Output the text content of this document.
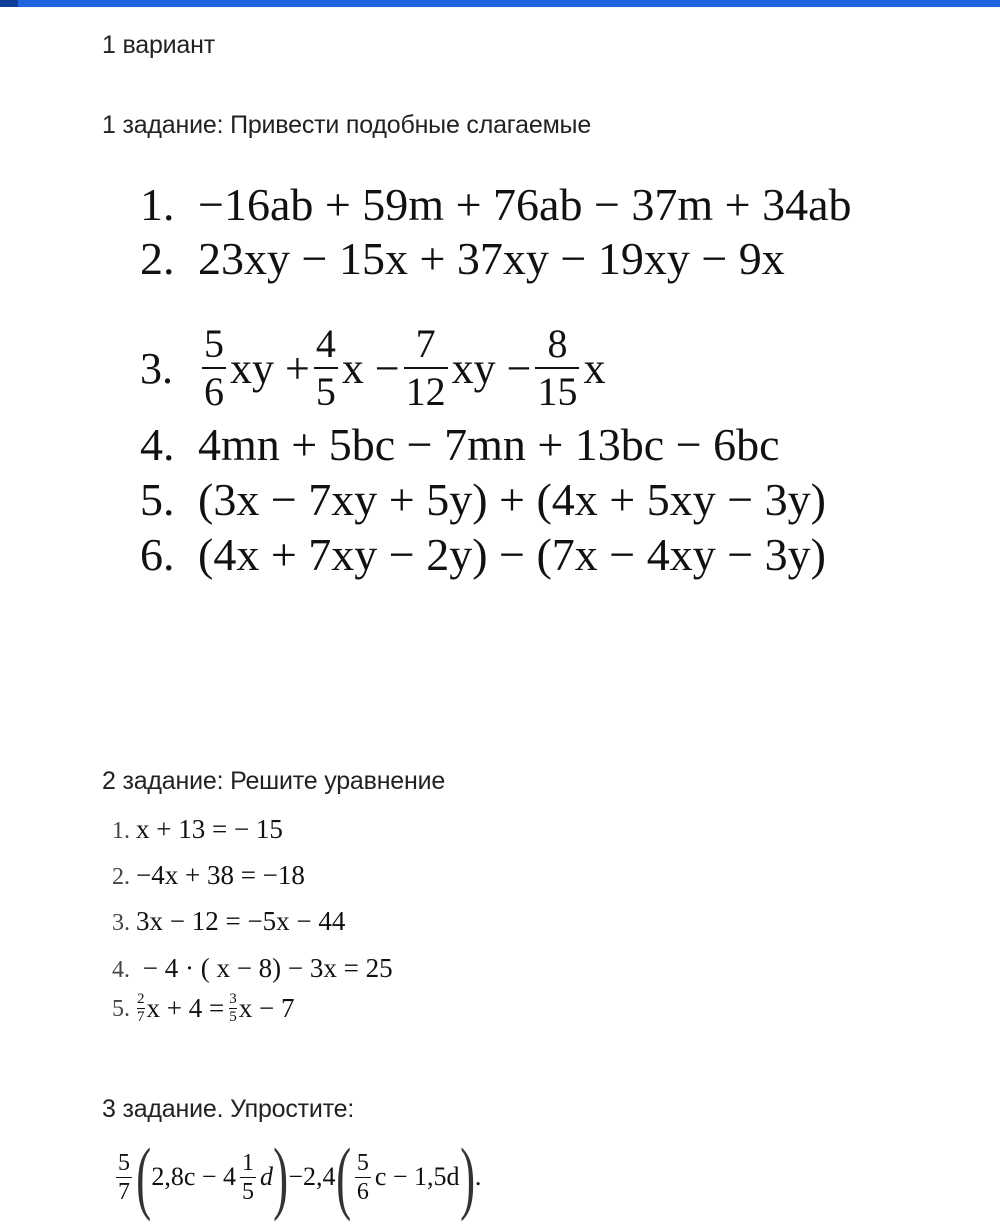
1 вариант
1 задание: Привести подобные слагаемые
1. −16ab + 59m + 76ab − 37m + 34ab
2. 23xy − 15x + 37xy − 19xy − 9x
3. $\frac{5}{6}$ xy + $\frac{4}{5}$ $x - \frac{7}{12}$ xy − $\frac{8}{15}$ x
4. 4mn + 5bc − 7mn + 13bc − 6bc
5. (3x − 7xy + 5y) + (4x + 5xy − 3y)
6. (4x + 7xy − 2y) − (7x − 4xy − 3y)
2 задание: Решите уравнение
1. x + 13 = − 15
2. −4x + 38 = −18
3. 3x − 12 = −5x − 44
4. − 4 · ( x − 8) − 3x = 25
5. 2
7 x + 4 = 3
5 x − 7
3 задание. Упростите:
$\frac{5}{7}$ ( $2,8c - 4 \frac{1}{5}$ d ) −2,4 ( $\frac{5}{6}$ c − 1,5d ) .
